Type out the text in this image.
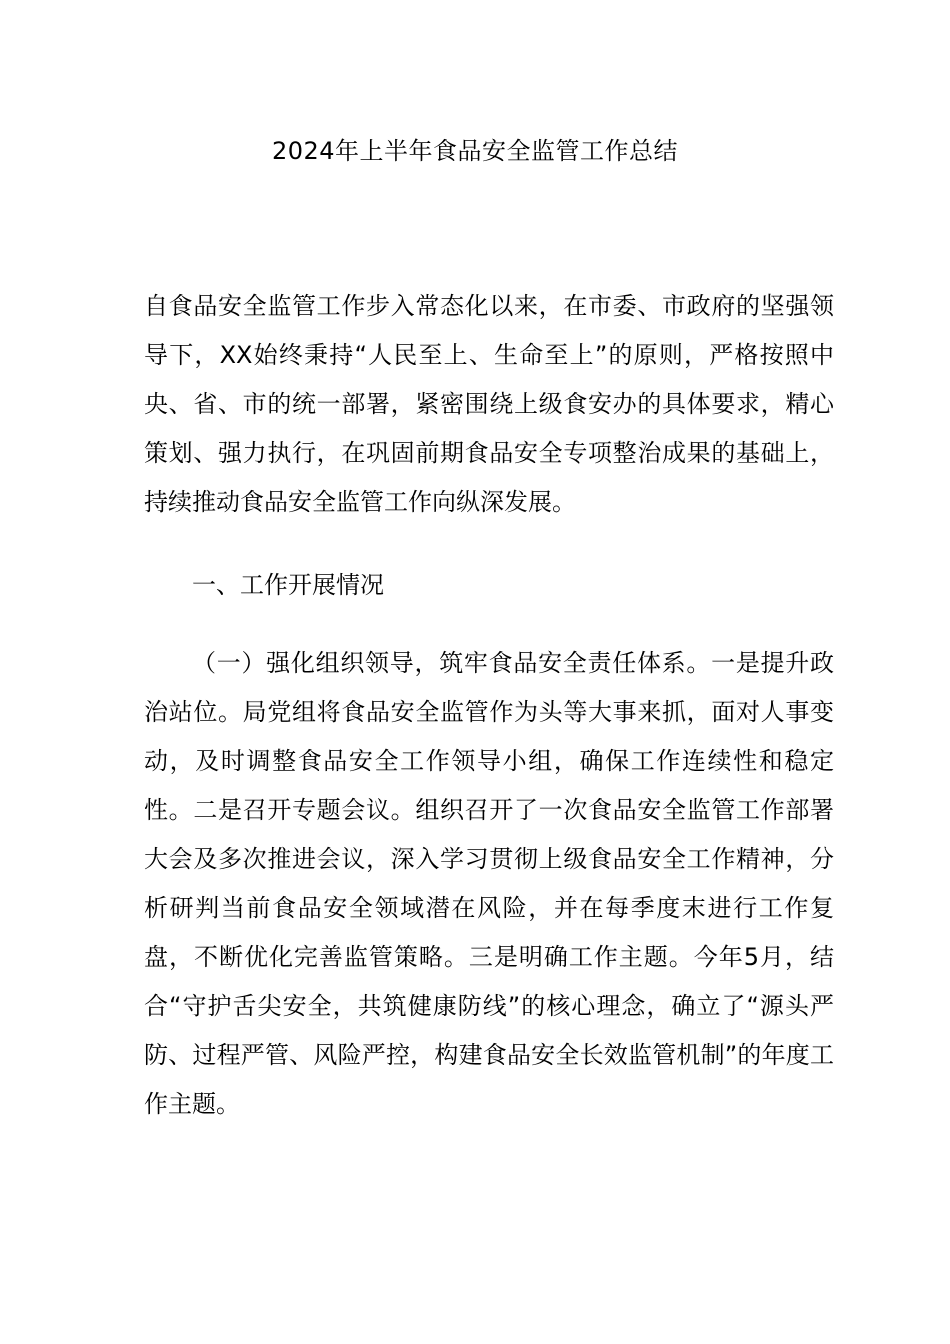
2024年上半年食品安全监管工作总结

自食品安全监管工作步入常态化以来，在市委、市政府的坚强领导下，XX始终秉持“人民至上、生命至上”的原则，严格按照中央、省、市的统一部署，紧密围绕上级食安办的具体要求，精心策划、强力执行，在巩固前期食品安全专项整治成果的基础上，持续推动食品安全监管工作向纵深发展。

一、工作开展情况

（一）强化组织领导，筑牢食品安全责任体系。一是提升政治站位。局党组将食品安全监管作为头等大事来抓，面对人事变动，及时调整食品安全工作领导小组，确保工作连续性和稳定性。二是召开专题会议。组织召开了一次食品安全监管工作部署大会及多次推进会议，深入学习贯彻上级食品安全工作精神，分析研判当前食品安全领域潜在风险，并在每季度末进行工作复盘，不断优化完善监管策略。三是明确工作主题。今年5月，结合“守护舌尖安全，共筑健康防线”的核心理念，确立了“源头严防、过程严管、风险严控，构建食品安全长效监管机制”的年度工作主题。
